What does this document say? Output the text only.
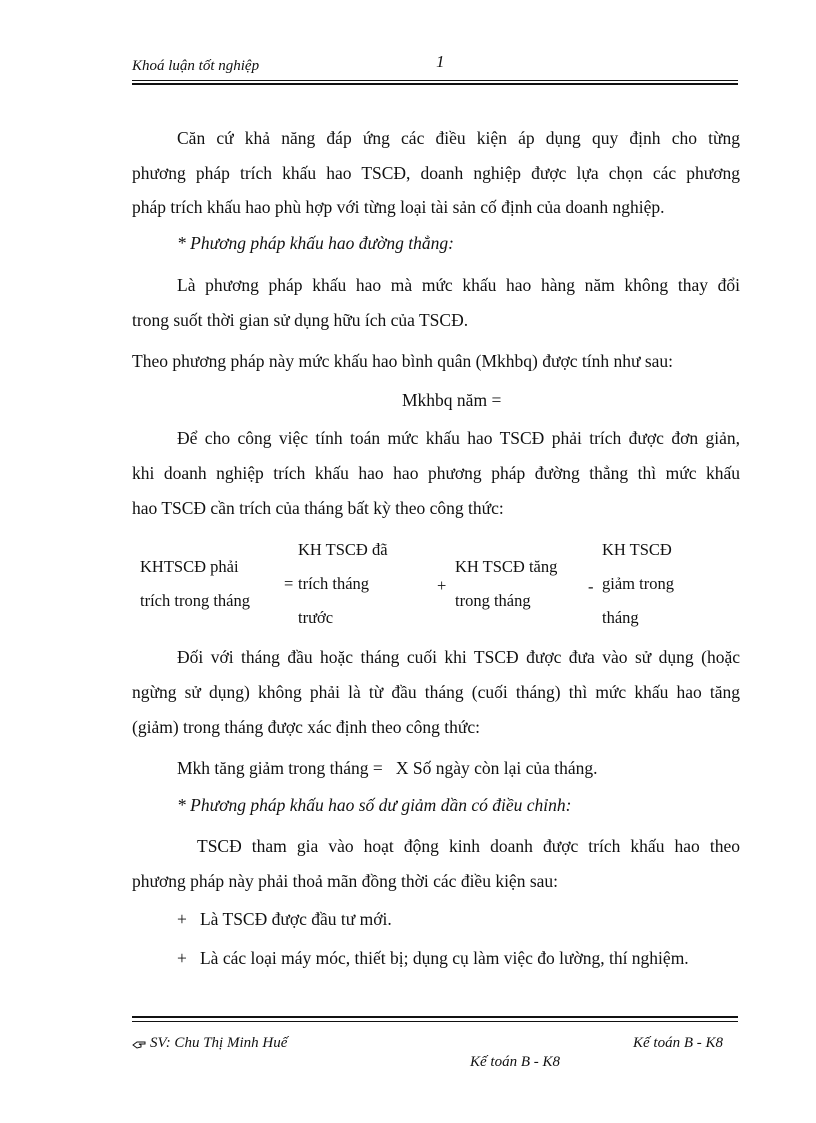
Khoá luận tốt nghiệp	1
Căn cứ khả năng đáp ứng các điều kiện áp dụng quy định cho từng
phương pháp trích khấu hao TSCĐ, doanh nghiệp được lựa chọn các phương
pháp trích khấu hao phù hợp với từng loại tài sản cố định của doanh nghiệp.
* Phương pháp khấu hao đường thẳng:
Là phương pháp khấu hao mà mức khấu hao hàng năm không thay đổi
trong suốt thời gian sử dụng hữu ích của TSCĐ.
Theo phương pháp này mức khấu hao bình quân (Mkhbq) được tính như sau:
Mkhbq năm =
Để cho công việc tính toán mức khấu hao TSCĐ phải trích được đơn giản,
khi doanh nghiệp trích khấu hao hao phương pháp đường thẳng thì mức khấu
hao TSCĐ cần trích của tháng bất kỳ theo công thức:
KHTSCĐ phải
trích trong tháng
=
KH TSCĐ đã
trích tháng
trước
+
KH TSCĐ tăng
trong tháng
-
KH TSCĐ
giảm trong
tháng
Đối với tháng đầu hoặc tháng cuối khi TSCĐ được đưa vào sử dụng (hoặc
ngừng sử dụng) không phải là từ đầu tháng (cuối tháng) thì mức khấu hao tăng
(giảm) trong tháng được xác định theo công thức:
Mkh tăng giảm trong tháng =   X Số ngày còn lại của tháng.
* Phương pháp khấu hao số dư giảm dần có điều chỉnh:
TSCĐ tham gia vào hoạt động kinh doanh được trích khấu hao theo
phương pháp này phải thoả mãn đồng thời các điều kiện sau:
+   Là TSCĐ được đầu tư mới.
+   Là các loại máy móc, thiết bị; dụng cụ làm việc đo lường, thí nghiệm.
SV: Chu Thị Minh Huế	Kế toán B - K8
Kế toán B - K8
